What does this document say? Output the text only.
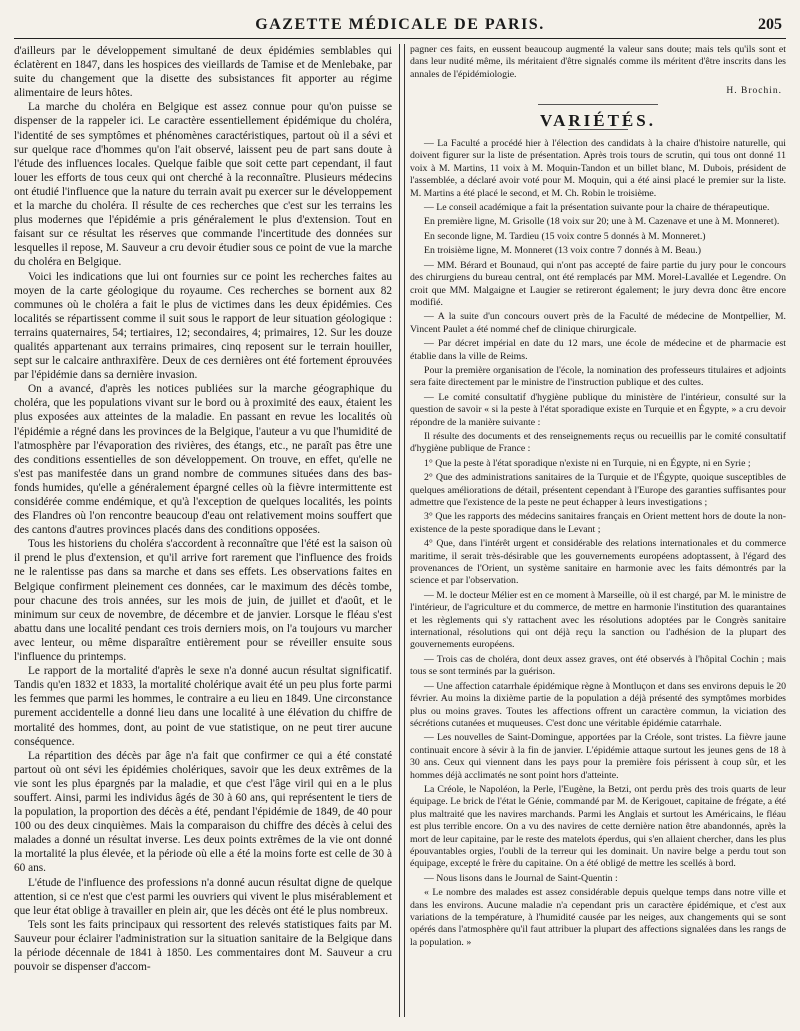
GAZETTE MÉDICALE DE PARIS.	205

d'ailleurs par le développement simultané de deux épidémies semblables qui éclatèrent en 1847, dans les hospices des vieillards de Tamise et de Menlebake, par suite du changement que la disette des subsistances fit apporter au régime alimentaire de leurs hôtes.

La marche du choléra en Belgique est assez connue pour qu'on puisse se dispenser de la rappeler ici. Le caractère essentiellement épidémique du choléra, l'identité de ses symptômes et phénomènes caractéristiques, partout où il a sévi et sur quelque race d'hommes qu'on l'ait observé, laissent peu de part sans doute à l'étude des influences locales. Quelque faible que soit cette part cependant, il faut louer les efforts de tous ceux qui ont cherché à la reconnaître. Plusieurs médecins ont étudié l'influence que la nature du terrain avait pu exercer sur le développement et la marche du choléra. Il résulte de ces recherches que c'est sur les terrains les plus modernes que l'épidémie a pris généralement le plus d'extension. Tout en faisant sur ce résultat les réserves que commande l'incertitude des données sur lesquelles il repose, M. Sauveur a cru devoir étudier sous ce point de vue la marche du choléra en Belgique.

Voici les indications que lui ont fournies sur ce point les recherches faites au moyen de la carte géologique du royaume. Ces recherches se bornent aux 82 communes où le choléra a fait le plus de victimes dans les deux épidémies. Ces localités se répartissent comme il suit sous le rapport de leur situation géologique : terrains quaternaires, 54; tertiaires, 12; secondaires, 4; primaires, 12. Sur les douze qualités appartenant aux terrains primaires, cinq reposent sur le terrain houiller, sept sur le calcaire anthraxifère. Deux de ces dernières ont été fortement éprouvées par l'épidémie dans sa dernière invasion.

On a avancé, d'après les notices publiées sur la marche géographique du choléra, que les populations vivant sur le bord ou à proximité des eaux, étaient les plus exposées aux atteintes de la maladie. En passant en revue les localités où l'épidémie a régné dans les provinces de la Belgique, l'auteur a vu que l'humidité de l'atmosphère par l'évaporation des rivières, des étangs, etc., ne paraît pas être une des conditions essentielles de son développement. On trouve, en effet, qu'elle ne s'est pas manifestée dans un grand nombre de communes situées dans des bas-fonds humides, qu'elle a généralement épargné celles où la fièvre intermittente est considérée comme endémique, et qu'à l'exception de quelques localités, les points des Flandres où l'on rencontre beaucoup d'eau ont relativement moins souffert que des cantons d'autres provinces placés dans des conditions opposées.

Tous les historiens du choléra s'accordent à reconnaître que l'été est la saison où il prend le plus d'extension, et qu'il arrive fort rarement que l'influence des froids ne le ralentisse pas dans sa marche et dans ses effets. Les observations faites en Belgique confirment pleinement ces données, car le maximum des décès tombe, pour chacune des trois années, sur les mois de juin, de juillet et d'août, et le minimum sur ceux de novembre, de décembre et de janvier. Lorsque le fléau s'est abattu dans une localité pendant ces trois derniers mois, on l'a toujours vu marcher avec lenteur, ou même disparaître entièrement pour se réveiller ensuite sous l'influence du printemps.

Le rapport de la mortalité d'après le sexe n'a donné aucun résultat significatif. Tandis qu'en 1832 et 1833, la mortalité cholérique avait été un peu plus forte parmi les femmes que parmi les hommes, le contraire a eu lieu en 1849. Une circonstance purement accidentelle a donné lieu dans une localité à une élévation du chiffre de mortalité des hommes, dont, au point de vue statistique, on ne peut tirer aucune conséquence.

La répartition des décès par âge n'a fait que confirmer ce qui a été constaté partout où ont sévi les épidémies cholériques, savoir que les deux extrêmes de la vie sont les plus épargnés par la maladie, et que c'est l'âge viril qui en a le plus souffert. Ainsi, parmi les individus âgés de 30 à 60 ans, qui représentent le tiers de la population, la proportion des décès a été, pendant l'épidémie de 1849, de 40 pour 100 ou des deux cinquièmes. Mais la comparaison du chiffre des décès à celui des malades a donné un résultat inverse. Les deux points extrêmes de la vie ont donné la mortalité la plus élevée, et la période où elle a été la moins forte est celle de 30 à 60 ans.

L'étude de l'influence des professions n'a donné aucun résultat digne de quelque attention, si ce n'est que c'est parmi les ouvriers qui vivent le plus misérablement et que leur état oblige à travailler en plein air, que les décès ont été le plus nombreux.

Tels sont les faits principaux qui ressortent des relevés statistiques faits par M. Sauveur pour éclairer l'administration sur la situation sanitaire de la Belgique dans la période décennale de 1841 à 1850. Les commentaires dont M. Sauveur a cru pouvoir se dispenser d'accom-

pagner ces faits, en eussent beaucoup augmenté la valeur sans doute; mais tels qu'ils sont et dans leur nudité même, ils méritaient d'être signalés comme ils méritent d'être inscrits dans les annales de l'épidémiologie.

H. Brochin.
VARIÉTÉS.

— La Faculté a procédé hier à l'élection des candidats à la chaire d'histoire naturelle, qui doivent figurer sur la liste de présentation. Après trois tours de scrutin, qui tous ont donné 11 voix à M. Martins, 11 voix à M. Moquin-Tandon et un billet blanc, M. Dubois, président de l'assemblée, a déclaré avoir voté pour M. Moquin, qui a été ainsi placé le premier sur la liste. M. Martins a été placé le second, et M. Ch. Robin le troisième.

— Le conseil académique a fait la présentation suivante pour la chaire de thérapeutique.

En première ligne, M. Grisolle (18 voix sur 20; une à M. Cazenave et une à M. Monneret).

En seconde ligne, M. Tardieu (15 voix contre 5 donnés à M. Monneret.)

En troisième ligne, M. Monneret (13 voix contre 7 donnés à M. Beau.)

— MM. Bérard et Bounaud, qui n'ont pas accepté de faire partie du jury pour le concours des chirurgiens du bureau central, ont été remplacés par MM. Morel-Lavallée et Legendre. On croit que MM. Malgaigne et Laugier se retireront également; le jury devra donc être encore modifié.

— A la suite d'un concours ouvert près de la Faculté de médecine de Montpellier, M. Vincent Paulet a été nommé chef de clinique chirurgicale.

— Par décret impérial en date du 12 mars, une école de médecine et de pharmacie est établie dans la ville de Reims.

Pour la première organisation de l'école, la nomination des professeurs titulaires et adjoints sera faite directement par le ministre de l'instruction publique et des cultes.

— Le comité consultatif d'hygiène publique du ministère de l'intérieur, consulté sur la question de savoir « si la peste à l'état sporadique existe en Turquie et en Égypte, » a cru devoir répondre de la manière suivante :

Il résulte des documents et des renseignements reçus ou recueillis par le comité consultatif d'hygiène publique de France :

1° Que la peste à l'état sporadique n'existe ni en Turquie, ni en Égypte, ni en Syrie ;

2° Que des administrations sanitaires de la Turquie et de l'Égypte, quoique susceptibles de quelques améliorations de détail, présentent cependant à l'Europe des garanties suffisantes pour admettre que l'existence de la peste ne peut échapper à leurs investigations ;

3° Que les rapports des médecins sanitaires français en Orient mettent hors de doute la non-existence de la peste sporadique dans le Levant ;

4° Que, dans l'intérêt urgent et considérable des relations internationales et du commerce maritime, il serait très-désirable que les gouvernements européens adoptassent, à l'égard des provenances de l'Orient, un système sanitaire en harmonie avec les faits démontrés par la science et par l'observation.

— M. le docteur Mélier est en ce moment à Marseille, où il est chargé, par M. le ministre de l'intérieur, de l'agriculture et du commerce, de mettre en harmonie l'institution des quarantaines et les règlements qui s'y rattachent avec les résolutions adoptées par le Congrès sanitaire international, résolutions qui ont déjà reçu la sanction ou l'adhésion de la plupart des gouvernements européens.

— Trois cas de choléra, dont deux assez graves, ont été observés à l'hôpital Cochin ; mais tous se sont terminés par la guérison.

— Une affection catarrhale épidémique règne à Montluçon et dans ses environs depuis le 20 février. Au moins la dixième partie de la population a déjà présenté des symptômes morbides plus ou moins graves. Toutes les affections offrent un caractère commun, la viciation des sécrétions cutanées et muqueuses. C'est donc une véritable épidémie catarrhale.

— Les nouvelles de Saint-Domingue, apportées par la Créole, sont tristes. La fièvre jaune continuait encore à sévir à la fin de janvier. L'épidémie attaque surtout les jeunes gens de 18 à 30 ans. Ceux qui viennent dans les pays pour la première fois périssent à coup sûr, et les hommes déjà acclimatés ne sont point hors d'atteinte.

La Créole, le Napoléon, la Perle, l'Eugène, la Betzi, ont perdu près des trois quarts de leur équipage. Le brick de l'état le Génie, commandé par M. de Kerigouet, capitaine de frégate, a été plus maltraité que les navires marchands. Parmi les Anglais et surtout les Américains, le fléau est plus terrible encore. On a vu des navires de cette dernière nation être abandonnés, après la mort de leur capitaine, par le reste des matelots éperdus, qui s'en allaient chercher, dans les plus épouvantables orgies, l'oubli de la terreur qui les dominait. Un navire belge a perdu tout son équipage, excepté le frère du capitaine. On a été obligé de mettre les scellés à bord.

— Nous lisons dans le Journal de Saint-Quentin :

« Le nombre des malades est assez considérable depuis quelque temps dans notre ville et dans les environs. Aucune maladie n'a cependant pris un caractère épidémique, et c'est aux variations de la température, à l'humidité causée par les neiges, aux changements qui se sont opérés dans l'atmosphère qu'il faut attribuer la plupart des affections signalées dans les rangs de la population. »
